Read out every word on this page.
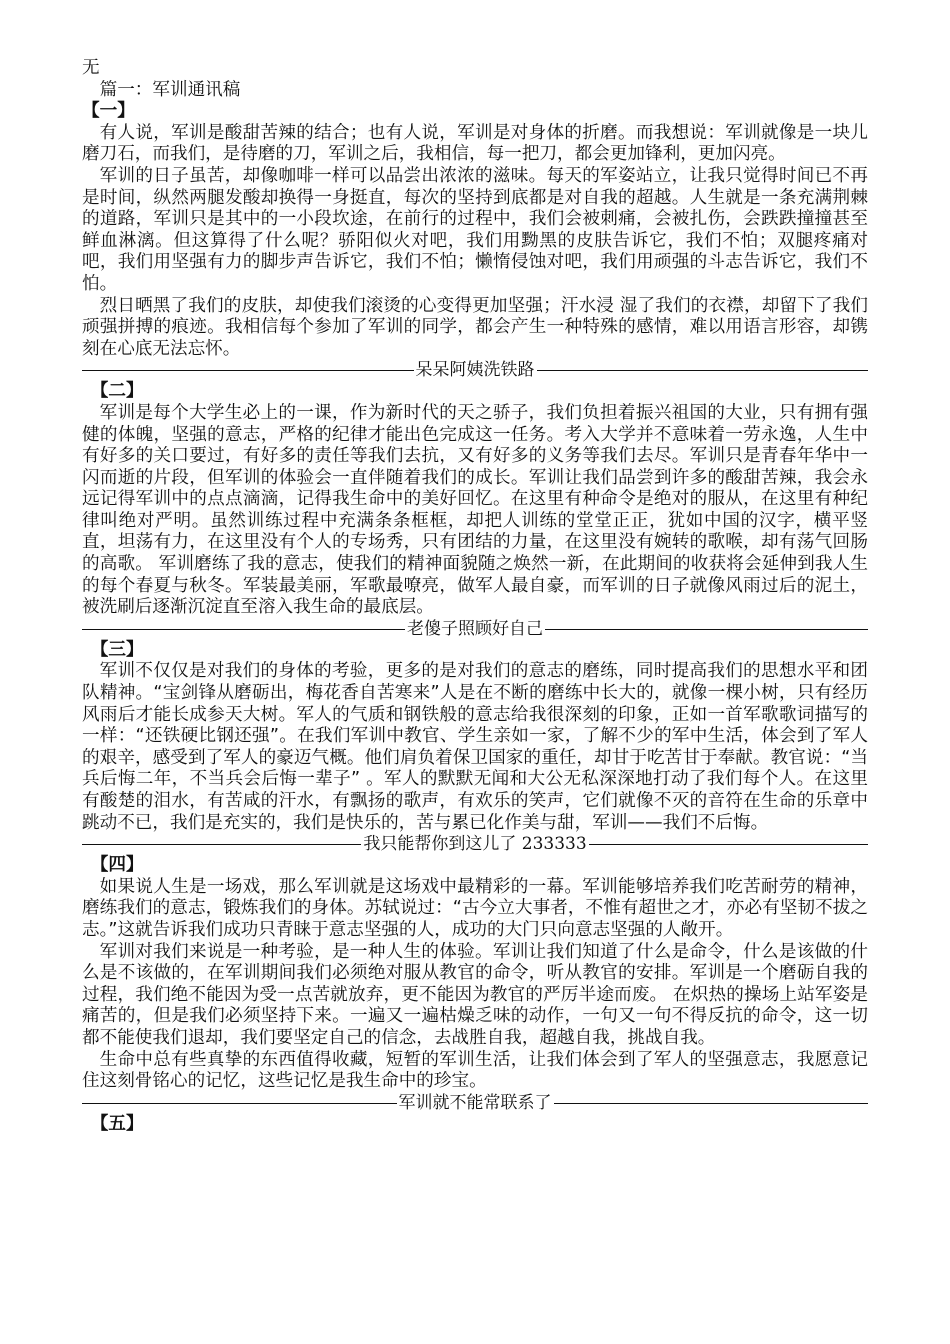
无

篇一：军训通讯稿

【一】

有人说，军训是酸甜苦辣的结合；也有人说，军训是对身体的折磨。而我想说：军训就像是一块儿磨刀石，而我们，是待磨的刀，军训之后，我相信，每一把刀，都会更加锋利，更加闪亮。

军训的日子虽苦，却像咖啡一样可以品尝出浓浓的滋味。每天的军姿站立，让我只觉得时间已不再是时间，纵然两腿发酸却换得一身挺直，每次的坚持到底都是对自我的超越。人生就是一条充满荆棘的道路，军训只是其中的一小段坎途，在前行的过程中，我们会被刺痛，会被扎伤，会跌跌撞撞甚至鲜血淋漓。但这算得了什么呢？骄阳似火对吧，我们用黝黑的皮肤告诉它，我们不怕；双腿疼痛对吧，我们用坚强有力的脚步声告诉它，我们不怕；懒惰侵蚀对吧，我们用顽强的斗志告诉它，我们不怕。

烈日晒黑了我们的皮肤，却使我们滚烫的心变得更加坚强；汗水浸 湿了我们的衣襟，却留下了我们顽强拼搏的痕迹。我相信每个参加了军训的同学，都会产生一种特殊的感情，难以用语言形容，却镌刻在心底无法忘怀。

呆呆阿姨洗铁路

【二】

军训是每个大学生必上的一课，作为新时代的天之骄子，我们负担着振兴祖国的大业，只有拥有强健的体魄，坚强的意志，严格的纪律才能出色完成这一任务。考入大学并不意味着一劳永逸，人生中有好多的关口要过，有好多的责任等我们去抗，又有好多的义务等我们去尽。军训只是青春年华中一闪而逝的片段，但军训的体验会一直伴随着我们的成长。军训让我们品尝到许多的酸甜苦辣，我会永远记得军训中的点点滴滴，记得我生命中的美好回忆。在这里有种命令是绝对的服从，在这里有种纪律叫绝对严明。虽然训练过程中充满条条框框，却把人训练的堂堂正正，犹如中国的汉字，横平竖直，坦荡有力，在这里没有个人的专场秀，只有团结的力量，在这里没有婉转的歌喉，却有荡气回肠的高歌。 军训磨练了我的意志，使我们的精神面貌随之焕然一新，在此期间的收获将会延伸到我人生的每个春夏与秋冬。军装最美丽，军歌最嘹亮，做军人最自豪，而军训的日子就像风雨过后的泥土，被洗刷后逐渐沉淀直至溶入我生命的最底层。

老傻子照顾好自己

【三】

军训不仅仅是对我们的身体的考验，更多的是对我们的意志的磨练，同时提高我们的思想水平和团队精神。“宝剑锋从磨砺出，梅花香自苦寒来”人是在不断的磨练中长大的，就像一棵小树，只有经历风雨后才能长成参天大树。军人的气质和钢铁般的意志给我很深刻的印象，正如一首军歌歌词描写的一样：“还铁硬比钢还强”。在我们军训中教官、学生亲如一家，了解不少的军中生活，体会到了军人的艰辛，感受到了军人的豪迈气概。他们肩负着保卫国家的重任，却甘于吃苦甘于奉献。教官说：“当兵后悔二年，不当兵会后悔一辈子” 。军人的默默无闻和大公无私深深地打动了我们每个人。在这里有酸楚的泪水，有苦咸的汗水，有飘扬的歌声，有欢乐的笑声，它们就像不灭的音符在生命的乐章中跳动不已，我们是充实的，我们是快乐的，苦与累已化作美与甜，军训——我们不后悔。

我只能帮你到这儿了 233333

【四】

如果说人生是一场戏，那么军训就是这场戏中最精彩的一幕。军训能够培养我们吃苦耐劳的精神，磨练我们的意志，锻炼我们的身体。苏轼说过：“古今立大事者，不惟有超世之才，亦必有坚韧不拔之志。”这就告诉我们成功只青睐于意志坚强的人，成功的大门只向意志坚强的人敞开。

军训对我们来说是一种考验，是一种人生的体验。军训让我们知道了什么是命令，什么是该做的什么是不该做的，在军训期间我们必须绝对服从教官的命令，听从教官的安排。军训是一个磨砺自我的过程，我们绝不能因为受一点苦就放弃，更不能因为教官的严厉半途而废。 在炽热的操场上站军姿是痛苦的，但是我们必须坚持下来。一遍又一遍枯燥乏味的动作，一句又一句不得反抗的命令，这一切都不能使我们退却，我们要坚定自己的信念，去战胜自我，超越自我，挑战自我。

生命中总有些真挚的东西值得收藏，短暂的军训生活，让我们体会到了军人的坚强意志，我愿意记住这刻骨铭心的记忆，这些记忆是我生命中的珍宝。

军训就不能常联系了

【五】
